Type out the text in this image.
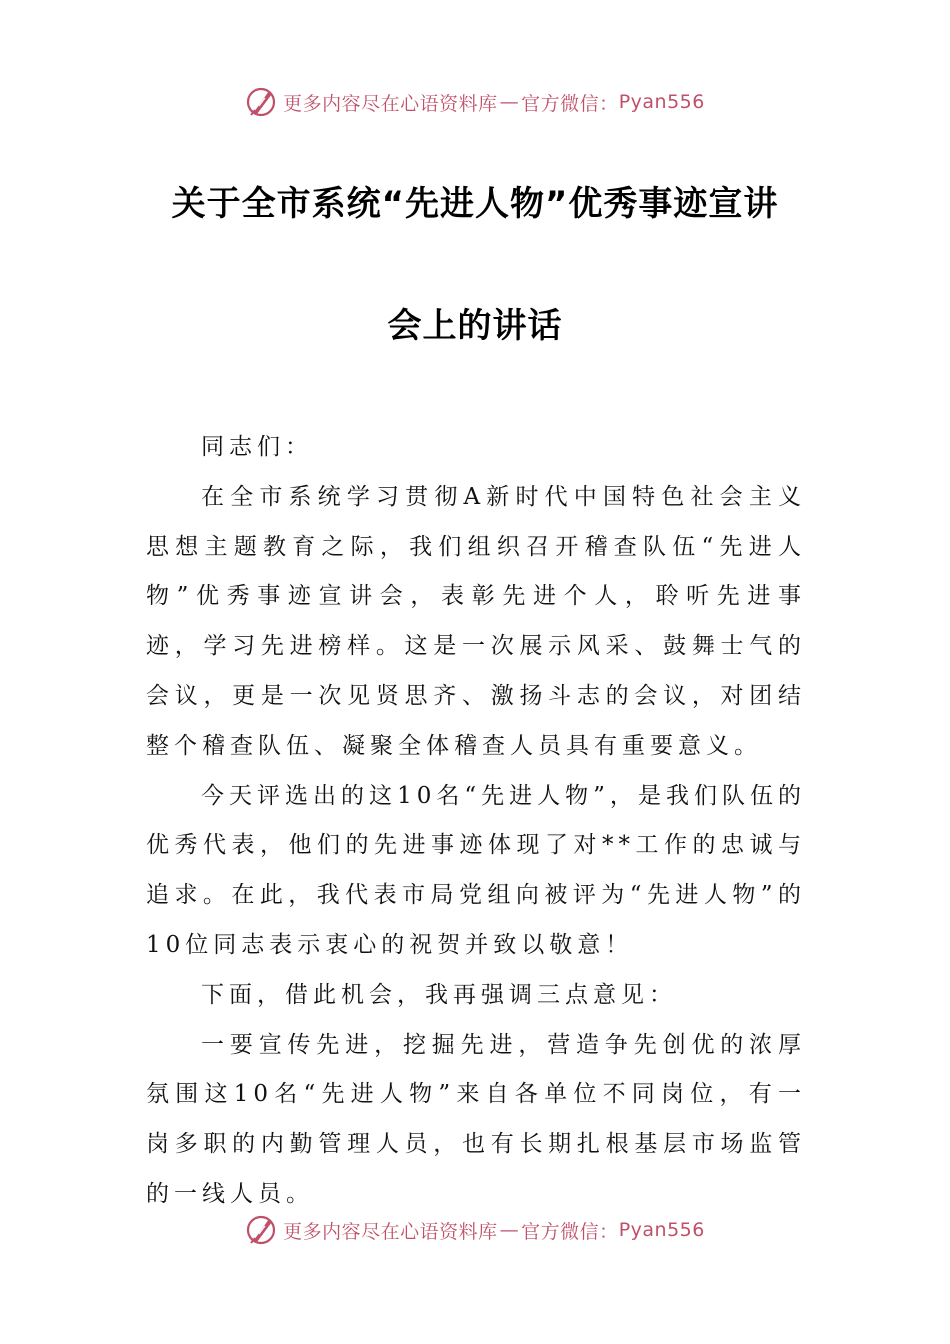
更多内容尽在心语资料库 — 官方微信： Pyan556
关于全市系统“先进人物”优秀事迹宣讲
会上的讲话

同志们：

在全市系统学习贯彻A新时代中国特色社会主义思想主题教育之际，我们组织召开稽查队伍“先进人物”优秀事迹宣讲会，表彰先进个人，聆听先进事迹，学习先进榜样。这是一次展示风采、鼓舞士气的会议，更是一次见贤思齐、激扬斗志的会议，对团结整个稽查队伍、凝聚全体稽查人员具有重要意义。

今天评选出的这10名“先进人物”，是我们队伍的优秀代表，他们的先进事迹体现了对**工作的忠诚与追求。在此，我代表市局党组向被评为“先进人物”的10位同志表示衷心的祝贺并致以敬意！

下面，借此机会，我再强调三点意见：

一要宣传先进，挖掘先进，营造争先创优的浓厚氛围这10名“先进人物”来自各单位不同岗位，有一岗多职的内勤管理人员，也有长期扎根基层市场监管的一线人员。

更多内容尽在心语资料库 — 官方微信： Pyan556
